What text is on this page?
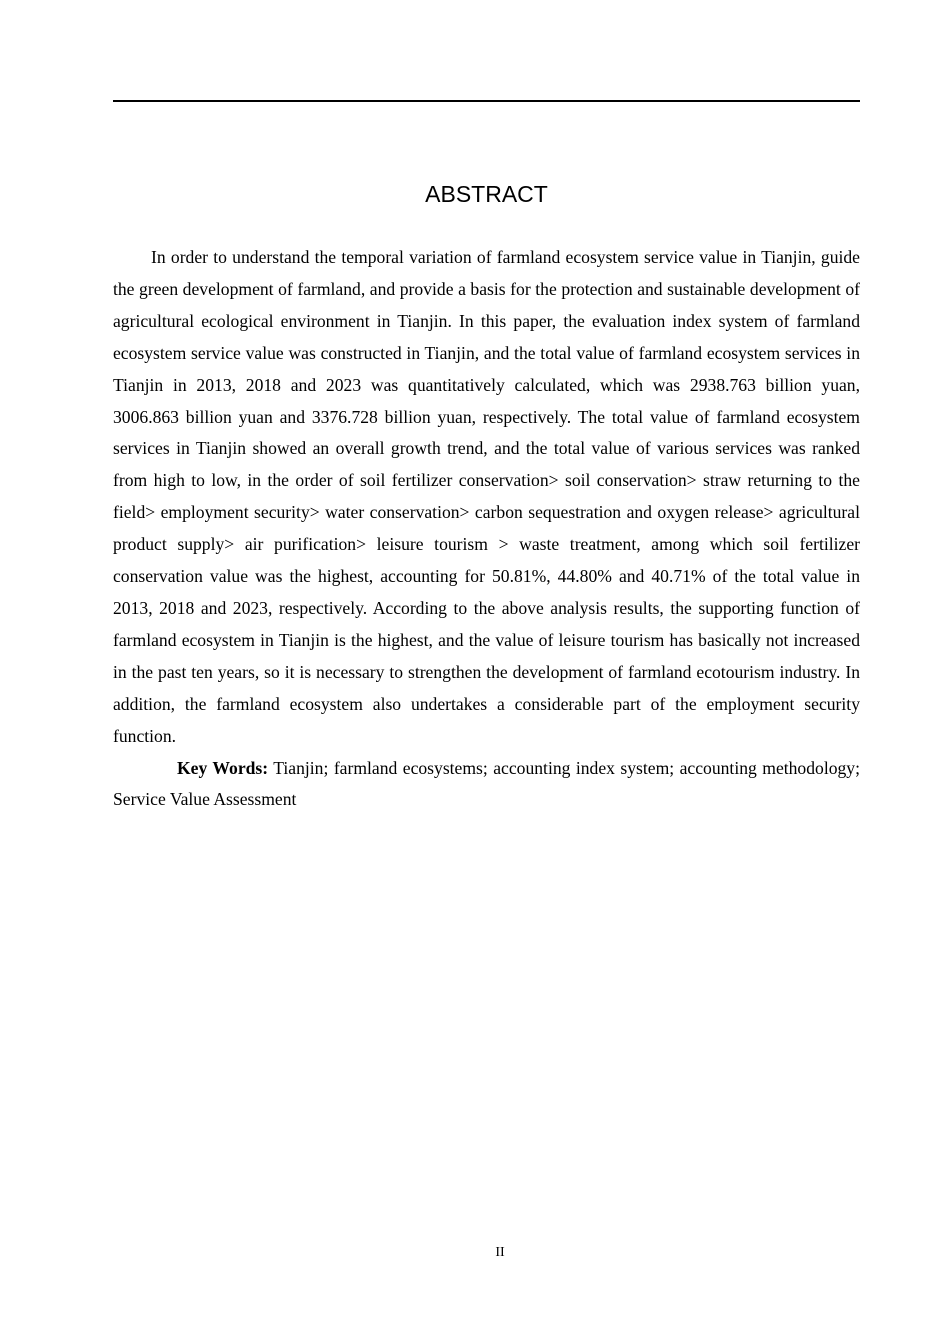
ABSTRACT

In order to understand the temporal variation of farmland ecosystem service value in Tianjin, guide the green development of farmland, and provide a basis for the protection and sustainable development of agricultural ecological environment in Tianjin. In this paper, the evaluation index system of farmland ecosystem service value was constructed in Tianjin, and the total value of farmland ecosystem services in Tianjin in 2013, 2018 and 2023 was quantitatively calculated, which was 2938.763 billion yuan, 3006.863 billion yuan and 3376.728 billion yuan, respectively. The total value of farmland ecosystem services in Tianjin showed an overall growth trend, and the total value of various services was ranked from high to low, in the order of soil fertilizer conservation> soil conservation> straw returning to the field> employment security> water conservation> carbon sequestration and oxygen release> agricultural product supply> air purification> leisure tourism > waste treatment, among which soil fertilizer conservation value was the highest, accounting for 50.81%, 44.80% and 40.71% of the total value in 2013, 2018 and 2023, respectively. According to the above analysis results, the supporting function of farmland ecosystem in Tianjin is the highest, and the value of leisure tourism has basically not increased in the past ten years, so it is necessary to strengthen the development of farmland ecotourism industry. In addition, the farmland ecosystem also undertakes a considerable part of the employment security function.

Key Words: Tianjin; farmland ecosystems; accounting index system; accounting methodology; Service Value Assessment

II
